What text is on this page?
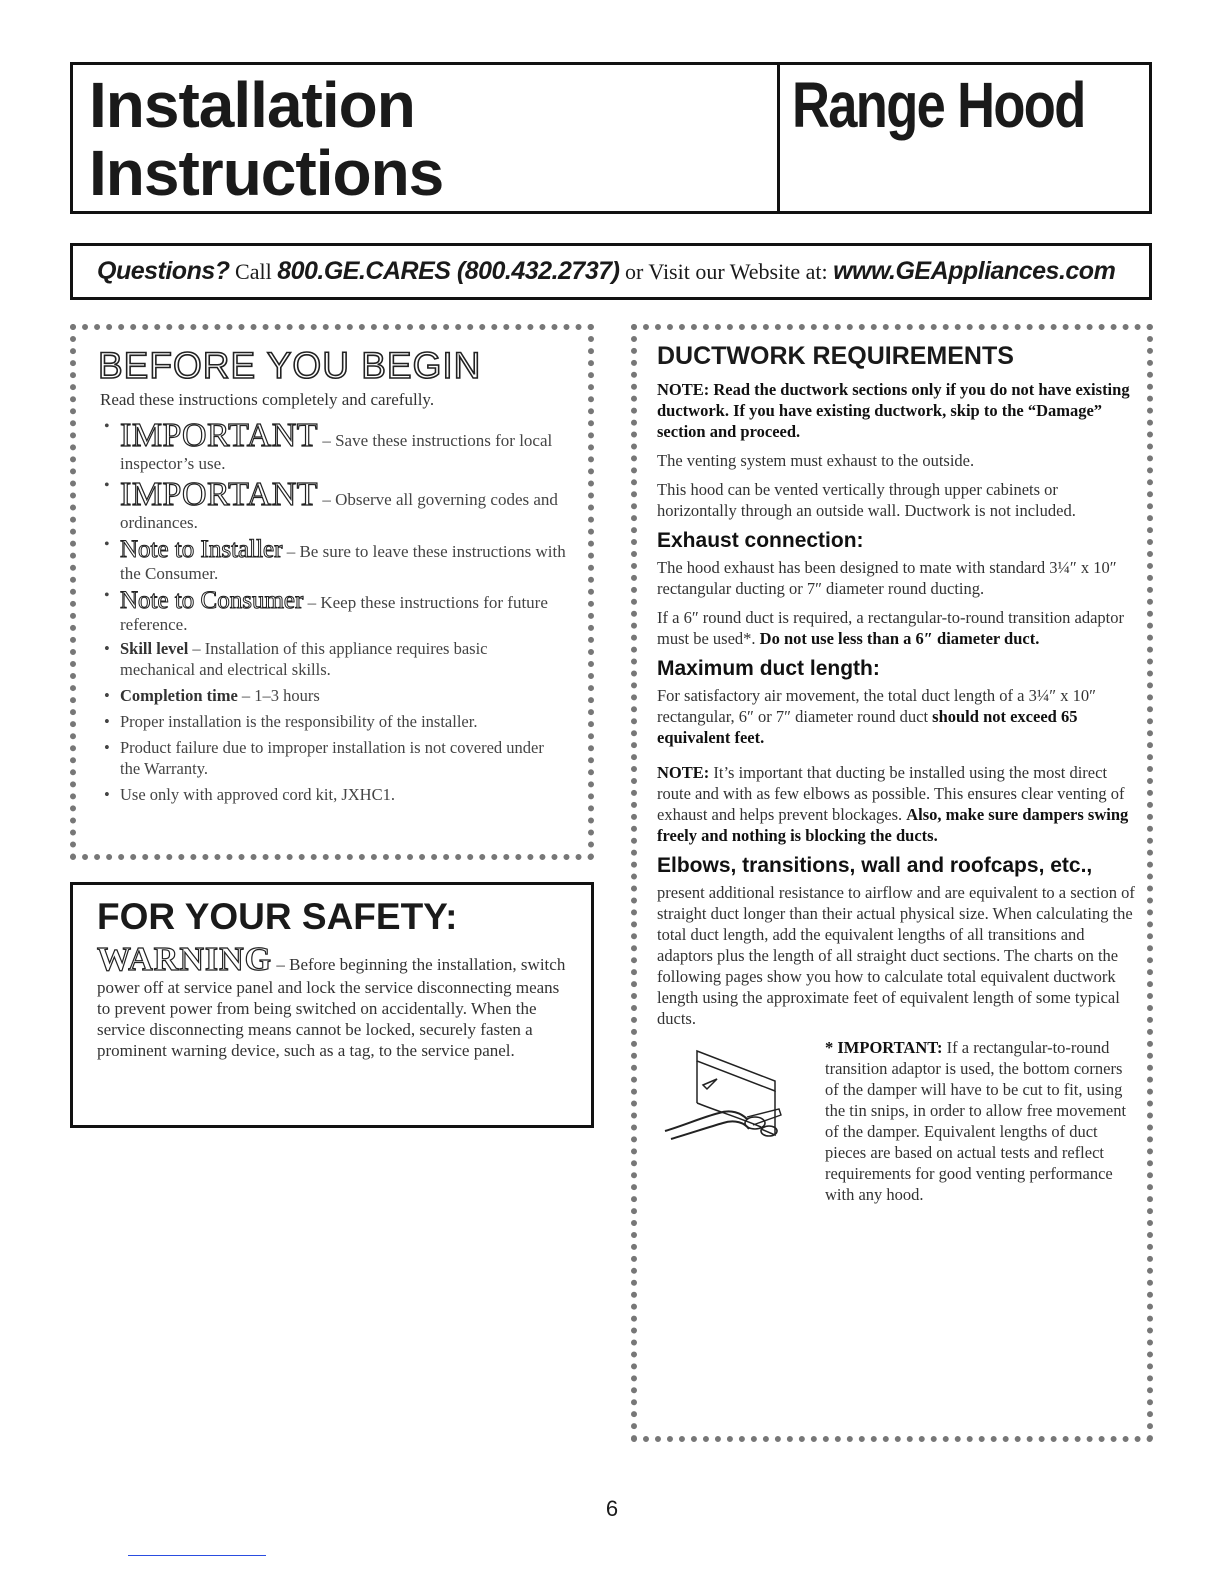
Installation
Instructions
Range Hood
Questions? Call 800.GE.CARES (800.432.2737) or Visit our Website at: www.GEAppliances.com
BEFORE YOU BEGIN
Read these instructions completely and carefully.
• IMPORTANT – Save these instructions for local inspector’s use.
• IMPORTANT – Observe all governing codes and ordinances.
• Note to Installer – Be sure to leave these instructions with the Consumer.
• Note to Consumer – Keep these instructions for future reference.
• Skill level – Installation of this appliance requires basic mechanical and electrical skills.
• Completion time – 1–3 hours
• Proper installation is the responsibility of the installer.
• Product failure due to improper installation is not covered under the Warranty.
• Use only with approved cord kit, JXHC1.
FOR YOUR SAFETY:
WARNING – Before beginning the installation, switch power off at service panel and lock the service disconnecting means to prevent power from being switched on accidentally. When the service disconnecting means cannot be locked, securely fasten a prominent warning device, such as a tag, to the service panel.
DUCTWORK REQUIREMENTS

NOTE: Read the ductwork sections only if you do not have existing ductwork. If you have existing ductwork, skip to the “Damage” section and proceed.

The venting system must exhaust to the outside.

This hood can be vented vertically through upper cabinets or horizontally through an outside wall. Ductwork is not included.

Exhaust connection:

The hood exhaust has been designed to mate with standard 3¼″ x 10″ rectangular ducting or 7″ diameter round ducting.

If a 6″ round duct is required, a rectangular-to-round transition adaptor must be used*. Do not use less than a 6″ diameter duct.

Maximum duct length:

For satisfactory air movement, the total duct length of a 3¼″ x 10″ rectangular, 6″ or 7″ diameter round duct should not exceed 65 equivalent feet.

NOTE: It’s important that ducting be installed using the most direct route and with as few elbows as possible. This ensures clear venting of exhaust and helps prevent blockages. Also, make sure dampers swing freely and nothing is blocking the ducts.

Elbows, transitions, wall and roofcaps, etc.,

present additional resistance to airflow and are equivalent to a section of straight duct longer than their actual physical size. When calculating the total duct length, add the equivalent lengths of all transitions and adaptors plus the length of all straight duct sections. The charts on the following pages show you how to calculate total equivalent ductwork length using the approximate feet of equivalent length of some typical ducts.

* IMPORTANT: If a rectangular-to-round transition adaptor is used, the bottom corners of the damper will have to be cut to fit, using the tin snips, in order to allow free movement of the damper. Equivalent lengths of duct pieces are based on actual tests and reflect requirements for good venting performance with any hood.

6
